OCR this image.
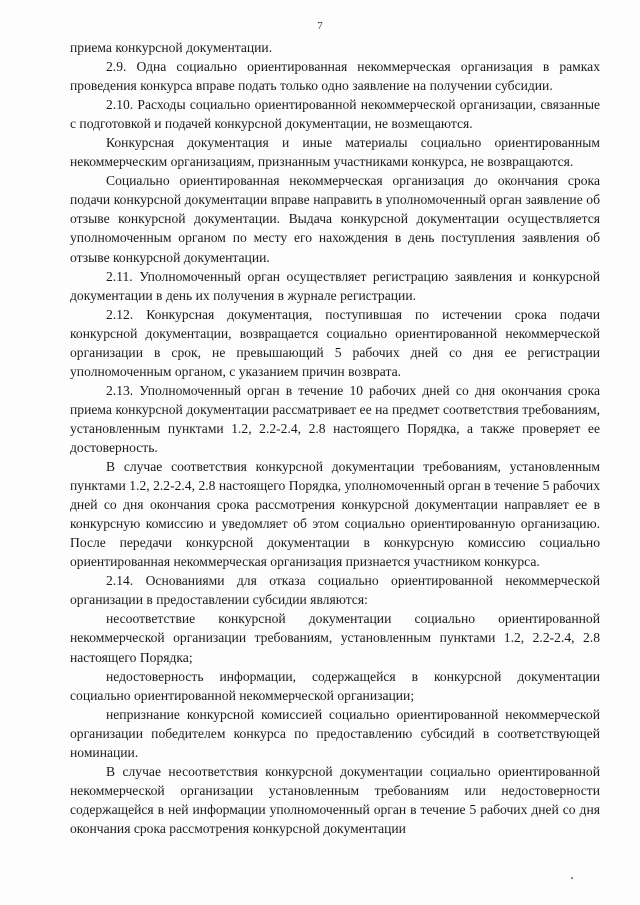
7

приема конкурсной документации.

2.9. Одна социально ориентированная некоммерческая организация в рамках проведения конкурса вправе подать только одно заявление на получении субсидии.

2.10. Расходы социально ориентированной некоммерческой организации, связанные с подготовкой и подачей конкурсной документации, не возмещаются.

Конкурсная документация и иные материалы социально ориентированным некоммерческим организациям, признанным участниками конкурса, не возвращаются.

Социально ориентированная некоммерческая организация до окончания срока подачи конкурсной документации вправе направить в уполномоченный орган заявление об отзыве конкурсной документации. Выдача конкурсной документации осуществляется уполномоченным органом по месту его нахождения в день поступления заявления об отзыве конкурсной документации.

2.11. Уполномоченный орган осуществляет регистрацию заявления и конкурсной документации в день их получения в журнале регистрации.

2.12. Конкурсная документация, поступившая по истечении срока подачи конкурсной документации, возвращается социально ориентированной некоммерческой организации в срок, не превышающий 5 рабочих дней со дня ее регистрации уполномоченным органом, с указанием причин возврата.

2.13. Уполномоченный орган в течение 10 рабочих дней со дня окончания срока приема конкурсной документации рассматривает ее на предмет соответствия требованиям, установленным пунктами 1.2, 2.2-2.4, 2.8 настоящего Порядка, а также проверяет ее достоверность.

В случае соответствия конкурсной документации требованиям, установленным пунктами 1.2, 2.2-2.4, 2.8 настоящего Порядка, уполномоченный орган в течение 5 рабочих дней со дня окончания срока рассмотрения конкурсной документации направляет ее в конкурсную комиссию и уведомляет об этом социально ориентированную организацию. После передачи конкурсной документации в конкурсную комиссию социально ориентированная некоммерческая организация признается участником конкурса.

2.14. Основаниями для отказа социально ориентированной некоммерческой организации в предоставлении субсидии являются:

несоответствие конкурсной документации социально ориентированной некоммерческой организации требованиям, установленным пунктами 1.2, 2.2-2.4, 2.8 настоящего Порядка;

недостоверность информации, содержащейся в конкурсной документации социально ориентированной некоммерческой организации;

непризнание конкурсной комиссией социально ориентированной некоммерческой организации победителем конкурса по предоставлению субсидий в соответствующей номинации.

В случае несоответствия конкурсной документации социально ориентированной некоммерческой организации установленным требованиям или недостоверности содержащейся в ней информации уполномоченный орган в течение 5 рабочих дней со дня окончания срока рассмотрения конкурсной документации
